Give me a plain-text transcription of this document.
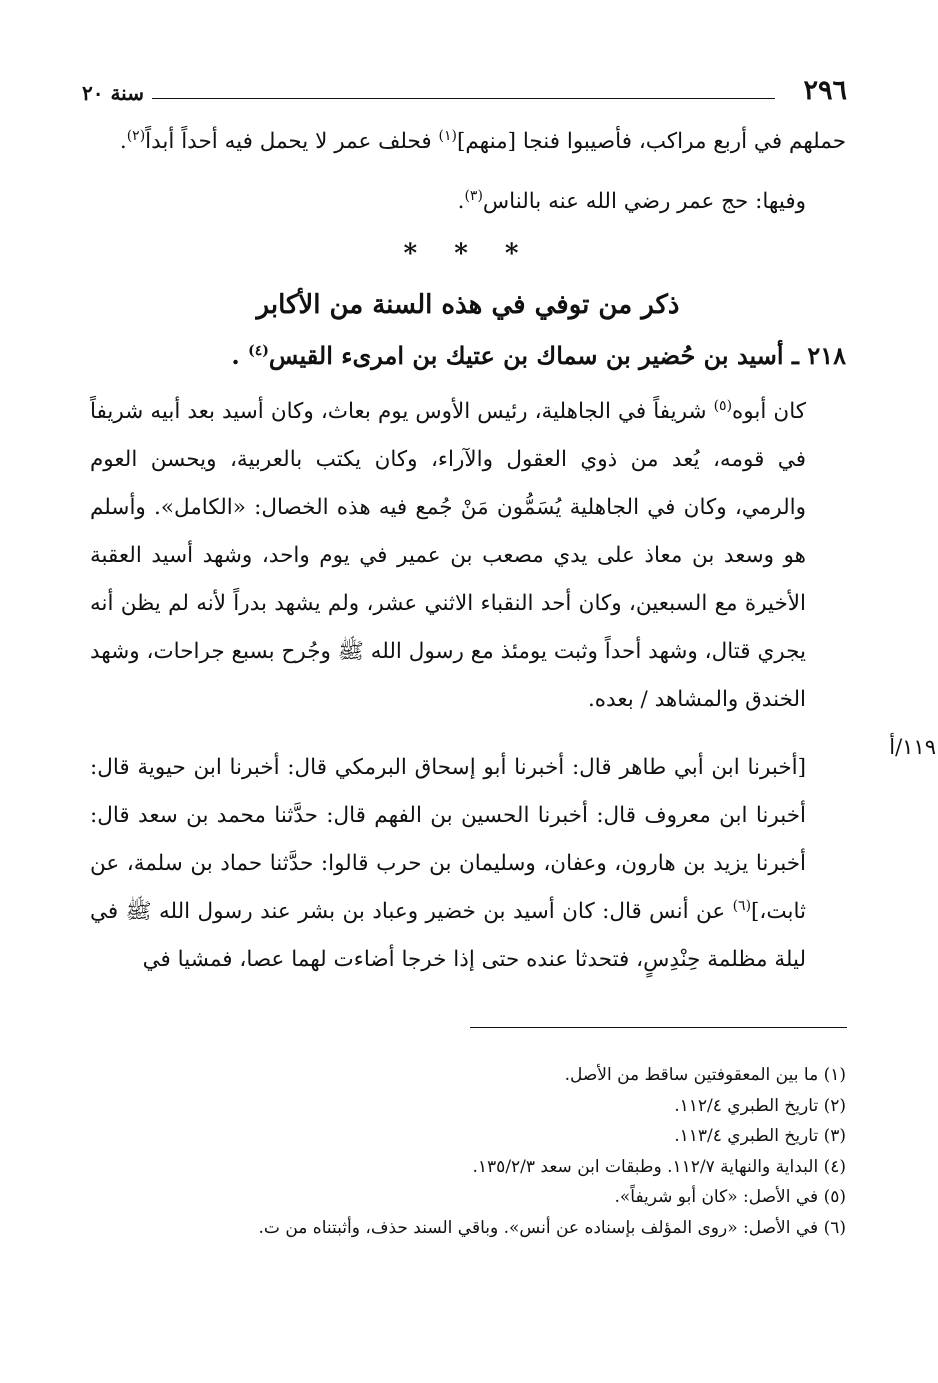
٢٩٦
سنة ٢٠

حملهم في أربع مراكب، فأصيبوا فنجا [منهم]$^{(١)}$ فحلف عمر لا يحمل فيه أحداً أبداً$^{(٢)}$.

وفيها: حج عمر رضي الله عنه بالناس$^{(٣)}$.

* * *
ذكر من توفي في هذه السنة من الأكابر

٢١٨ ـ أسيد بن حُضير بن سماك بن عتيك بن امرىء القيس$^{(٤)}$ .

كان أبوه$^{(٥)}$ شريفاً في الجاهلية، رئيس الأوس يوم بعاث، وكان أسيد بعد أبيه شريفاً في قومه، يُعد من ذوي العقول والآراء، وكان يكتب بالعربية، ويحسن العوم والرمي، وكان في الجاهلية يُسَمُّون مَنْ جُمع فيه هذه الخصال: «الكامل». وأسلم هو وسعد بن معاذ على يدي مصعب بن عمير في يوم واحد، وشهد أسيد العقبة الأخيرة مع السبعين، وكان أحد النقباء الاثني عشر، ولم يشهد بدراً لأنه لم يظن أنه يجري قتال، وشهد أحداً وثبت يومئذ مع رسول الله ﷺ وجُرح بسبع جراحات، وشهد الخندق والمشاهد / بعده.

[أخبرنا ابن أبي طاهر قال: أخبرنا أبو إسحاق البرمكي قال: أخبرنا ابن حيوية قال: أخبرنا ابن معروف قال: أخبرنا الحسين بن الفهم قال: حدَّثنا محمد بن سعد قال: أخبرنا يزيد بن هارون، وعفان، وسليمان بن حرب قالوا: حدَّثنا حماد بن سلمة، عن ثابت،]$^{(٦)}$ عن أنس قال: كان أسيد بن خضير وعباد بن بشر عند رسول الله ﷺ في ليلة مظلمة حِنْدِسٍ، فتحدثا عنده حتى إذا خرجا أضاءت لهما عصا، فمشيا في

١١٩/أ

(١) ما بين المعقوفتين ساقط من الأصل.

(٢) تاريخ الطبري ١١٢/٤.

(٣) تاريخ الطبري ١١٣/٤.

(٤) البداية والنهاية ١١٢/٧. وطبقات ابن سعد ١٣٥/٢/٣.

(٥) في الأصل: «كان أبو شريفاً».

(٦) في الأصل: «روى المؤلف بإسناده عن أنس». وباقي السند حذف، وأثبتناه من ت.
